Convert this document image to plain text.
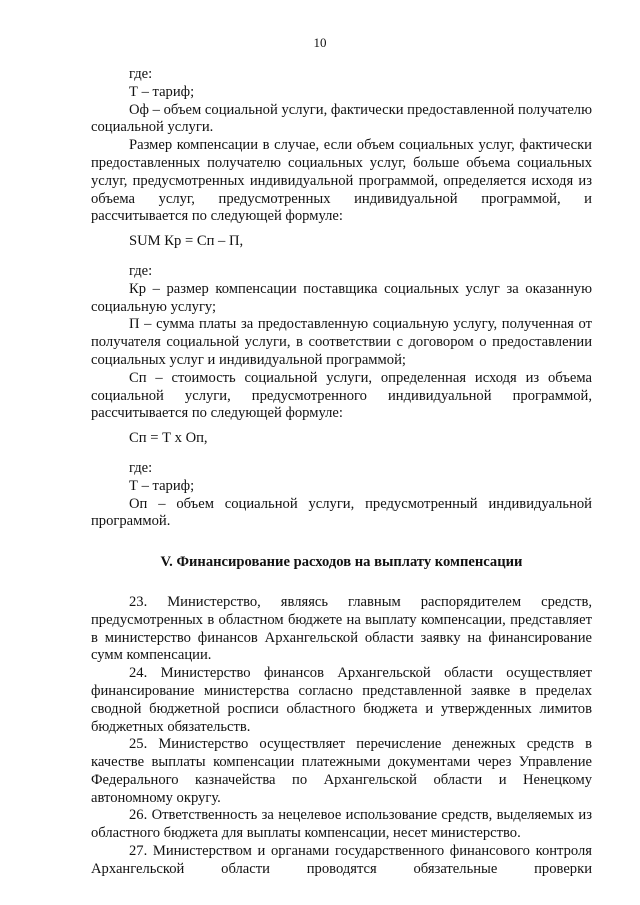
10

где:

Т – тариф;

Оф – объем социальной услуги, фактически предоставленной получателю социальной услуги.

Размер компенсации в случае, если объем социальных услуг, фактически предоставленных получателю социальных услуг, больше объема социальных услуг, предусмотренных индивидуальной программой, определяется исходя из объема услуг, предусмотренных индивидуальной программой, и рассчитывается по следующей формуле:

SUM Кр = Сп – П,

где:

Кр – размер компенсации поставщика социальных услуг за оказанную социальную услугу;

П – сумма платы за предоставленную социальную услугу, полученная от получателя социальной услуги, в соответствии с договором о предоставлении социальных услуг и индивидуальной программой;

Сп – стоимость социальной услуги, определенная исходя из объема социальной услуги, предусмотренного индивидуальной программой, рассчитывается по следующей формуле:

Сп = Т х Оп,

где:

Т – тариф;

Оп – объем социальной услуги, предусмотренный индивидуальной программой.

V. Финансирование расходов на выплату компенсации

23. Министерство, являясь главным распорядителем средств, предусмотренных в областном бюджете на выплату компенсации, представляет в министерство финансов Архангельской области заявку на финансирование сумм компенсации.

24. Министерство финансов Архангельской области осуществляет финансирование министерства согласно представленной заявке в пределах сводной бюджетной росписи областного бюджета и утвержденных лимитов бюджетных обязательств.

25. Министерство осуществляет перечисление денежных средств в качестве выплаты компенсации платежными документами через Управление Федерального казначейства по Архангельской области и Ненецкому автономному округу.

26. Ответственность за нецелевое использование средств, выделяемых из областного бюджета для выплаты компенсации, несет министерство.

27. Министерством и органами государственного финансового контроля Архангельской области проводятся обязательные проверки
